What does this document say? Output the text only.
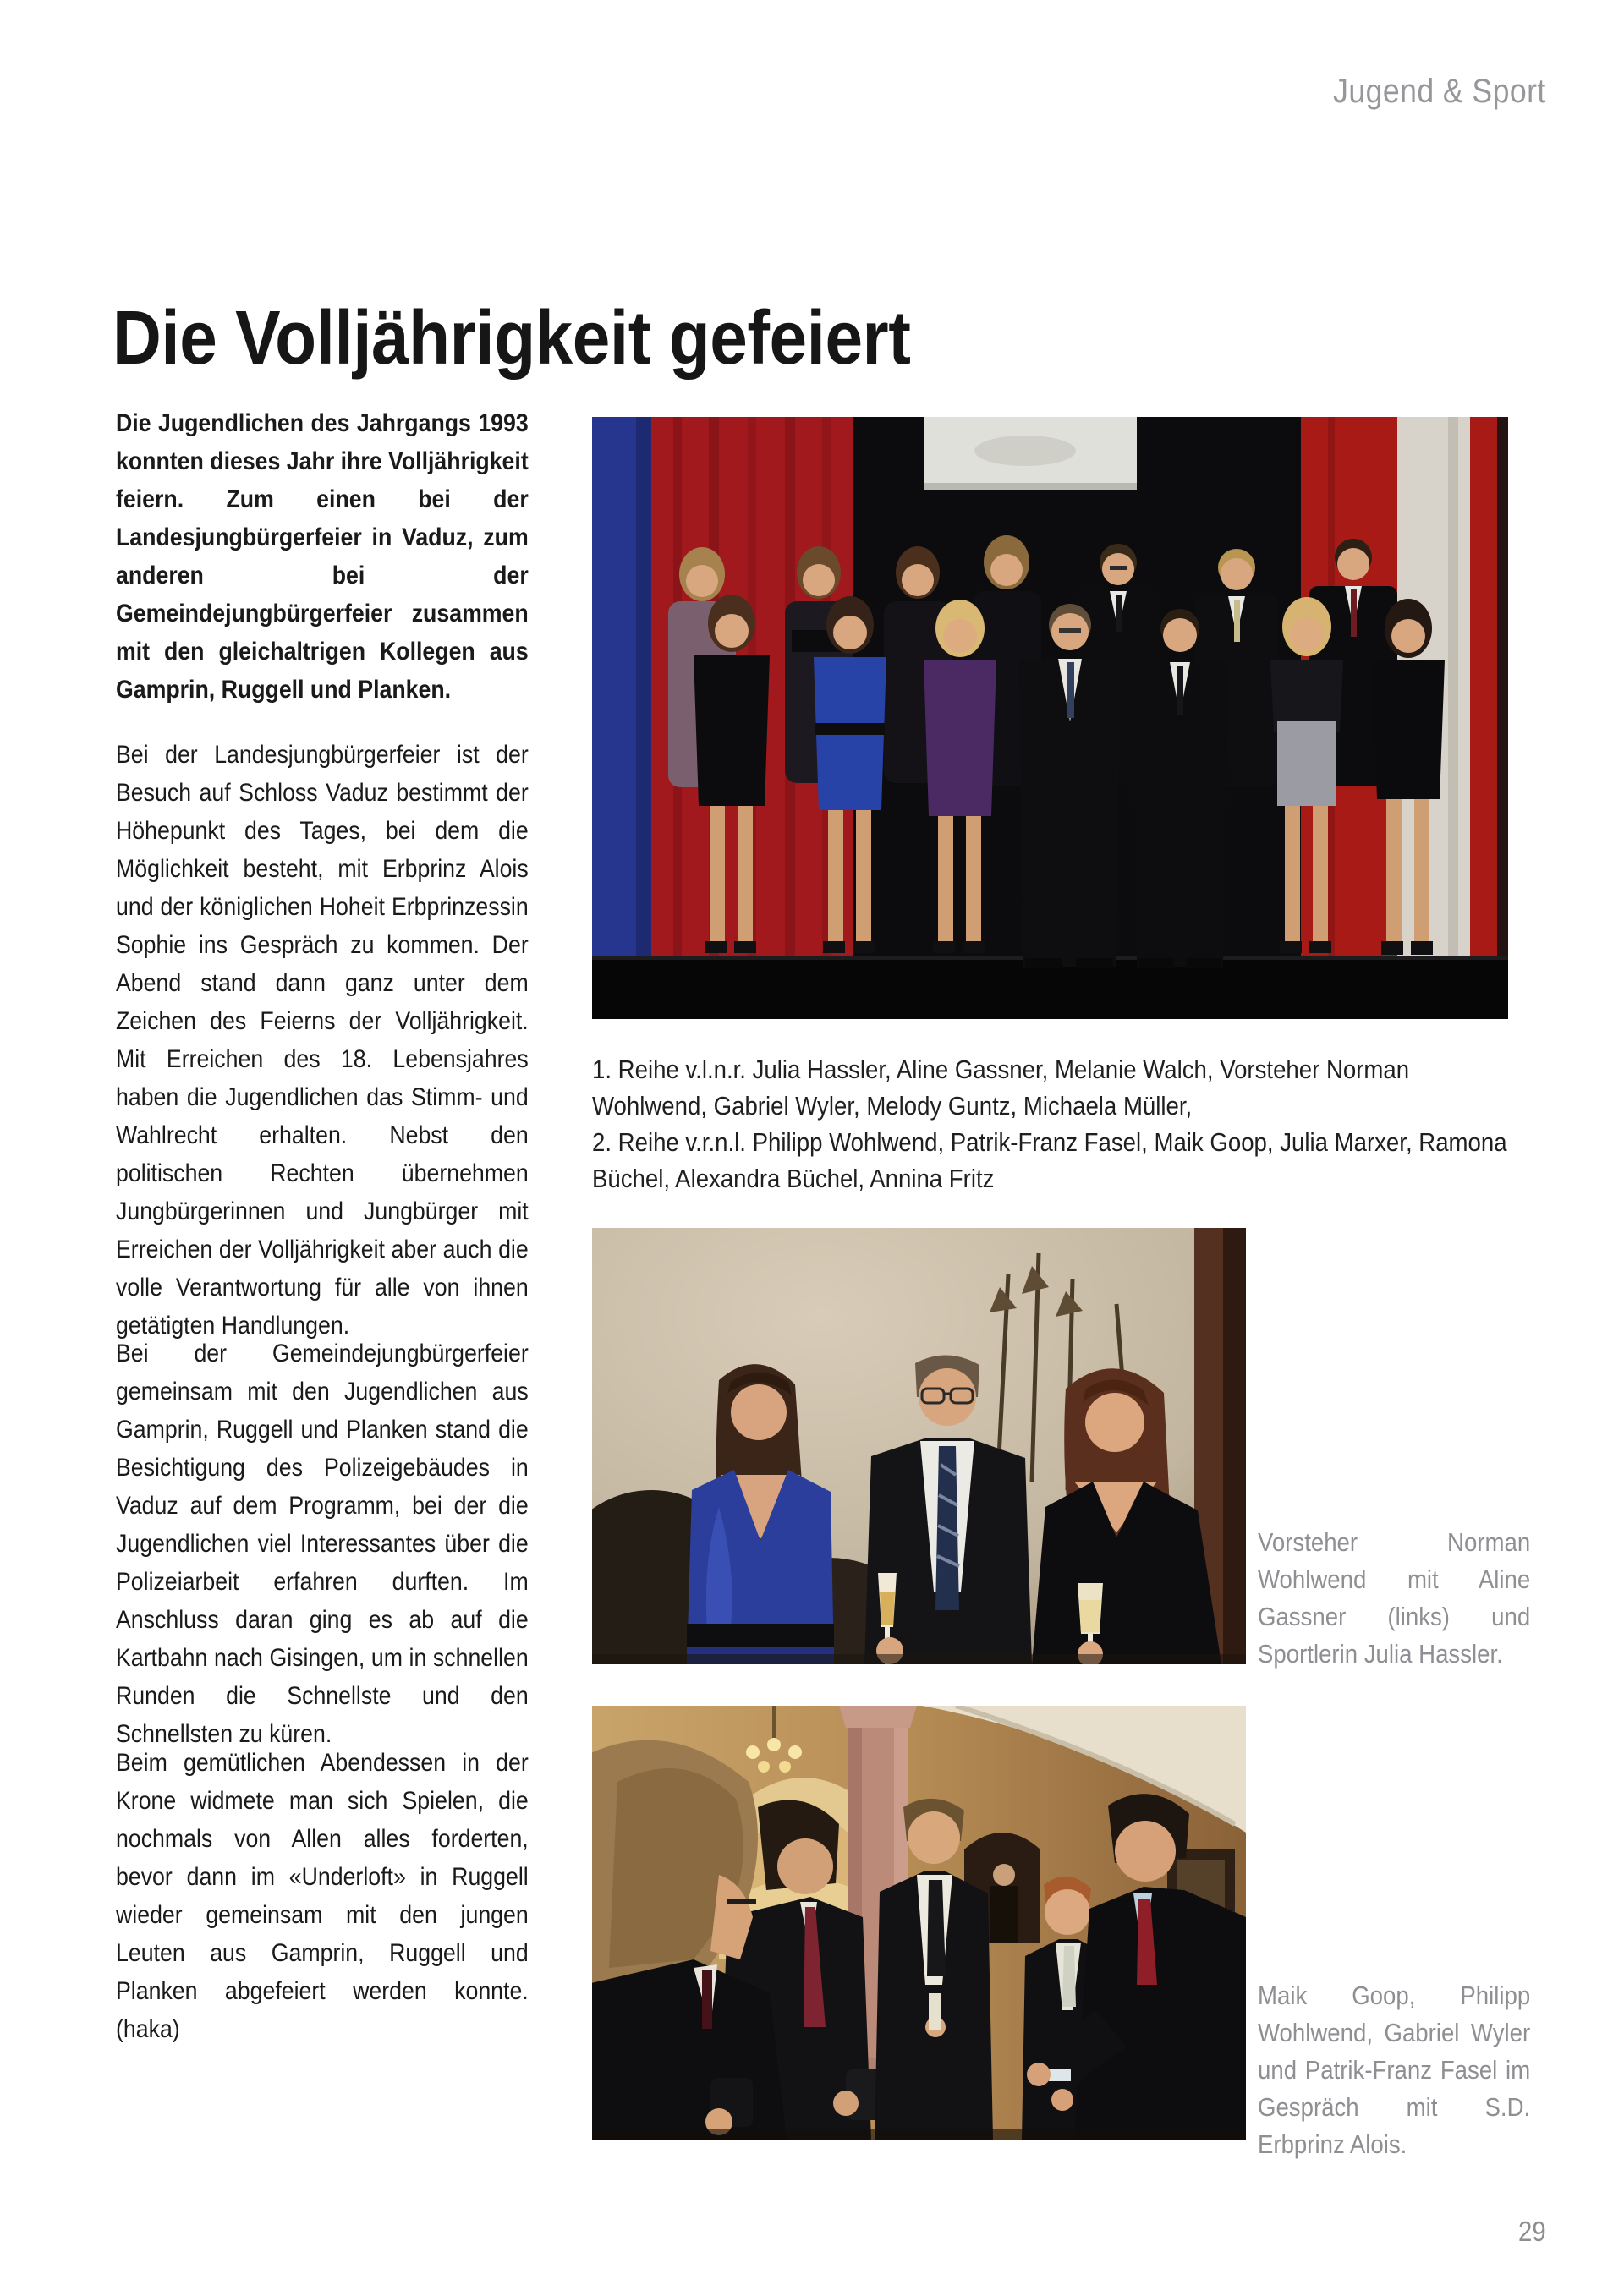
Jugend & Sport
Die Volljährigkeit gefeiert

Die Jugendlichen des Jahrgangs 1993 konnten dieses Jahr ihre Volljährigkeit feiern. Zum einen bei der Landesjungbürgerfeier in Vaduz, zum anderen bei der Gemeindejungbürgerfeier zusammen mit den gleichaltrigen Kollegen aus Gamprin, Ruggell und Planken.

Bei der Landesjungbürgerfeier ist der Besuch auf Schloss Vaduz bestimmt der Höhepunkt des Tages, bei dem die Möglichkeit besteht, mit Erbprinz Alois und der königlichen Hoheit Erbprinzessin Sophie ins Gespräch zu kommen. Der Abend stand dann ganz unter dem Zeichen des Feierns der Volljährigkeit. Mit Erreichen des 18. Lebensjahres haben die Jugendlichen das Stimm- und Wahlrecht erhalten. Nebst den politischen Rechten übernehmen Jungbürgerinnen und Jungbürger mit Erreichen der Volljährigkeit aber auch die volle Verantwortung für alle von ihnen getätigten Handlungen.

Bei der Gemeindejungbürgerfeier gemeinsam mit den Jugendlichen aus Gamprin, Ruggell und Planken stand die Besichtigung des Polizeigebäudes in Vaduz auf dem Programm, bei der die Jugendlichen viel Interessantes über die Polizeiarbeit erfahren durften. Im Anschluss daran ging es ab auf die Kartbahn nach Gisingen, um in schnellen Runden die Schnellste und den Schnellsten zu küren.

Beim gemütlichen Abendessen in der Krone widmete man sich Spielen, die nochmals von Allen alles forderten, bevor dann im «Underloft» in Ruggell wieder gemeinsam mit den jungen Leuten aus Gamprin, Ruggell und Planken abgefeiert werden konnte. (haka)

1. Reihe v.l.n.r. Julia Hassler, Aline Gassner, Melanie Walch, Vorsteher Norman Wohlwend, Gabriel Wyler, Melody Guntz, Michaela Müller,

2. Reihe v.r.n.l. Philipp Wohlwend, Patrik-Franz Fasel, Maik Goop, Julia Marxer, Ramona Büchel, Alexandra Büchel, Annina Fritz

Vorsteher Norman Wohlwend mit Aline Gassner (links) und Sportlerin Julia Hassler.
Maik Goop, Philipp Wohlwend, Gabriel Wyler und Patrik-Franz Fasel im Gespräch mit S.D. Erbprinz Alois.
29
